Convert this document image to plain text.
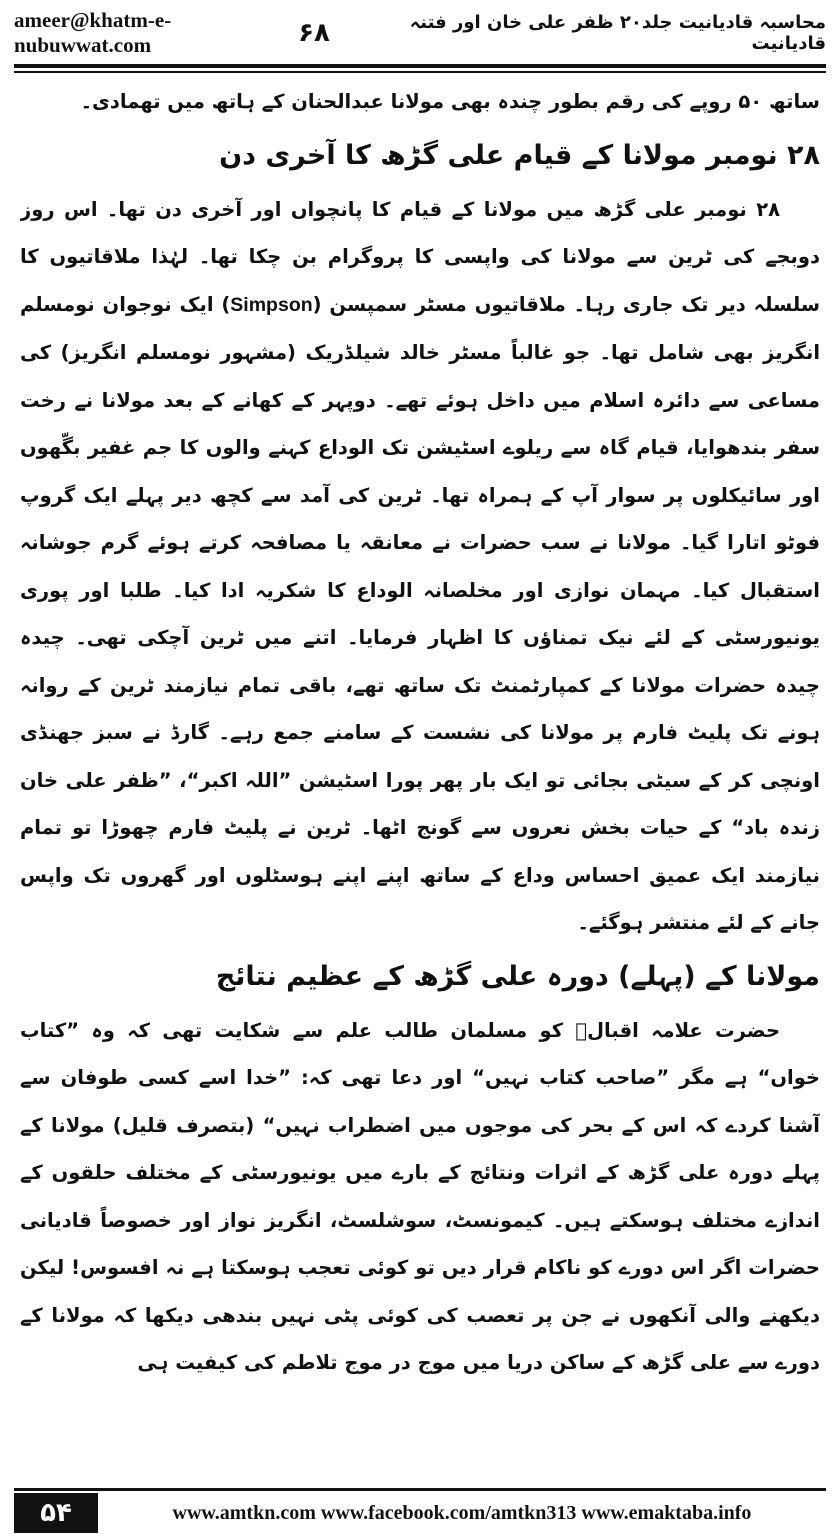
ameer@khatm-e-nubuwwat.com
محاسبہ قادیانیت جلد۲۰ ظفر علی خان اور فتنہ قادیانیت
۶۸

ساتھ ۵۰ روپے کی رقم بطور چندہ بھی مولانا عبدالحنان کے ہاتھ میں تھمادی۔

۲۸ نومبر مولانا کے قیام علی گڑھ کا آخری دن

۲۸ نومبر علی گڑھ میں مولانا کے قیام کا پانچواں اور آخری دن تھا۔ اس روز دوبجے کی ٹرین سے مولانا کی واپسی کا پروگرام بن چکا تھا۔ لہٰذا ملاقاتیوں کا سلسلہ دیر تک جاری رہا۔ ملاقاتیوں مسٹر سمپسن (Simpson) ایک نوجوان نومسلم انگریز بھی شامل تھا۔ جو غالباً مسٹر خالد شیلڈریک (مشہور نومسلم انگریز) کی مساعی سے دائرہ اسلام میں داخل ہوئے تھے۔ دوپہر کے کھانے کے بعد مولانا نے رخت سفر بندھوایا، قیام گاہ سے ریلوے اسٹیشن تک الوداع کہنے والوں کا جم غفیر بگّھوں اور سائیکلوں پر سوار آپ کے ہمراہ تھا۔ ٹرین کی آمد سے کچھ دیر پہلے ایک گروپ فوٹو اتارا گیا۔ مولانا نے سب حضرات نے معانقہ یا مصافحہ کرتے ہوئے گرم جوشانہ استقبال کیا۔ مہمان نوازی اور مخلصانہ الوداع کا شکریہ ادا کیا۔ طلبا اور پوری یونیورسٹی کے لئے نیک تمناؤں کا اظہار فرمایا۔ اتنے میں ٹرین آچکی تھی۔ چیدہ چیدہ حضرات مولانا کے کمپارٹمنٹ تک ساتھ تھے، باقی تمام نیازمند ٹرین کے روانہ ہونے تک پلیٹ فارم پر مولانا کی نشست کے سامنے جمع رہے۔ گارڈ نے سبز جھنڈی اونچی کر کے سیٹی بجائی تو ایک بار پھر پورا اسٹیشن ”اللہ اکبر“، ”ظفر علی خان زندہ باد“ کے حیات بخش نعروں سے گونج اٹھا۔ ٹرین نے پلیٹ فارم چھوڑا تو تمام نیازمند ایک عمیق احساس وداع کے ساتھ اپنے اپنے ہوسٹلوں اور گھروں تک واپس جانے کے لئے منتشر ہوگئے۔

مولانا کے (پہلے) دورہ علی گڑھ کے عظیم نتائج

حضرت علامہ اقبالؒ کو مسلمان طالب علم سے شکایت تھی کہ وہ ”کتاب خواں“ ہے مگر ”صاحب کتاب نہیں“ اور دعا تھی کہ: ”خدا اسے کسی طوفان سے آشنا کردے کہ اس کے بحر کی موجوں میں اضطراب نہیں“ (بتصرف قلیل) مولانا کے پہلے دورہ علی گڑھ کے اثرات ونتائج کے بارے میں یونیورسٹی کے مختلف حلقوں کے اندازے مختلف ہوسکتے ہیں۔ کیمونسٹ، سوشلسٹ، انگریز نواز اور خصوصاً قادیانی حضرات اگر اس دورے کو ناکام قرار دیں تو کوئی تعجب ہوسکتا ہے نہ افسوس! لیکن دیکھنے والی آنکھوں نے جن پر تعصب کی کوئی پٹی نہیں بندھی دیکھا کہ مولانا کے دورے سے علی گڑھ کے ساکن دریا میں موج در موج تلاطم کی کیفیت ہی

۵۴	www.amtkn.com www.facebook.com/amtkn313 www.emaktaba.info
